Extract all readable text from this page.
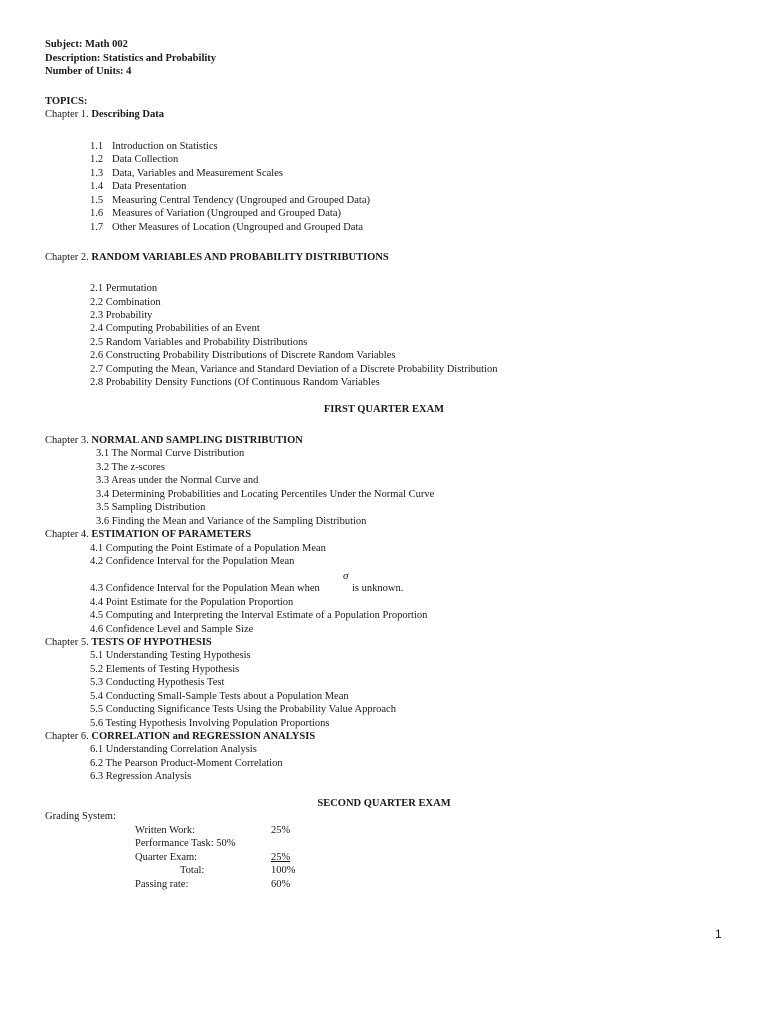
Subject: Math 002
Description: Statistics and Probability
Number of Units: 4
TOPICS:
Chapter 1. Describing Data
1.1 Introduction on Statistics
1.2 Data Collection
1.3 Data, Variables and Measurement Scales
1.4 Data Presentation
1.5 Measuring Central Tendency (Ungrouped and Grouped Data)
1.6 Measures of Variation (Ungrouped and Grouped Data)
1.7 Other Measures of Location (Ungrouped and Grouped Data
Chapter 2. RANDOM VARIABLES AND PROBABILITY DISTRIBUTIONS
2.1 Permutation
2.2 Combination
2.3 Probability
2.4 Computing Probabilities of an Event
2.5 Random Variables and Probability Distributions
2.6 Constructing Probability Distributions of Discrete Random Variables
2.7 Computing the Mean, Variance and Standard Deviation of a Discrete Probability Distribution
2.8 Probability Density Functions (Of Continuous Random Variables
FIRST QUARTER EXAM
Chapter 3. NORMAL AND SAMPLING DISTRIBUTION
3.1 The Normal Curve Distribution
3.2 The z-scores
3.3 Areas under the Normal Curve and
3.4 Determining Probabilities and Locating Percentiles Under the Normal Curve
3.5 Sampling Distribution
3.6 Finding the Mean and Variance of the Sampling Distribution
Chapter 4. ESTIMATION OF PARAMETERS
4.1 Computing the Point Estimate of a Population Mean
4.2 Confidence Interval for the Population Mean
4.3 Confidence Interval for the Population Mean when
σ
is unknown.
4.4 Point Estimate for the Population Proportion
4.5 Computing and Interpreting the Interval Estimate of a Population Proportion
4.6 Confidence Level and Sample Size
Chapter 5. TESTS OF HYPOTHESIS
5.1 Understanding Testing Hypothesis
5.2 Elements of Testing Hypothesis
5.3 Conducting Hypothesis Test
5.4 Conducting Small-Sample Tests about a Population Mean
5.5 Conducting Significance Tests Using the Probability Value Approach
5.6 Testing Hypothesis Involving Population Proportions
Chapter 6. CORRELATION and REGRESSION ANALYSIS
6.1 Understanding Correlation Analysis
6.2 The Pearson Product-Moment Correlation
6.3 Regression Analysis
SECOND QUARTER EXAM
Grading System:
Written Work:	25%
Performance Task: 50%
Quarter Exam:	25%
Total:	100%
Passing rate:	60%
1
